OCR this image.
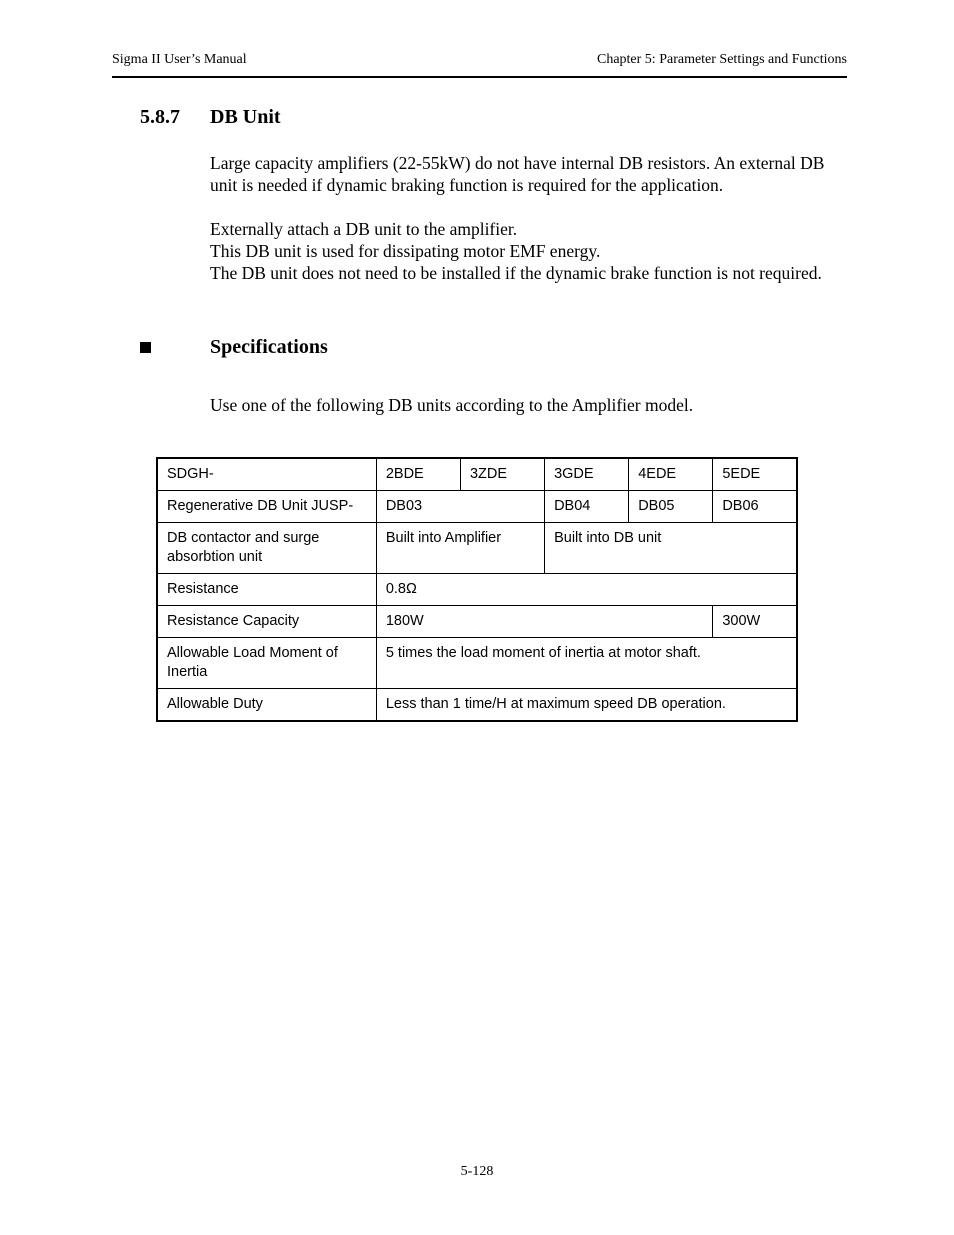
Sigma II User’s Manual	Chapter 5: Parameter Settings and Functions
5.8.7 DB Unit
Large capacity amplifiers (22-55kW) do not have internal DB resistors. An external DB unit is needed if dynamic braking function is required for the application.
Externally attach a DB unit to the amplifier.
This DB unit is used for dissipating motor EMF energy.
The DB unit does not need to be installed if the dynamic brake function is not required.
Specifications
Use one of the following DB units according to the Amplifier model.
SDGH-	2BDE	3ZDE	3GDE	4EDE	5EDE
Regenerative DB Unit JUSP-	DB03		DB04	DB05	DB06
DB contactor and surge absorbtion unit	Built into Amplifier		Built into DB unit		
Resistance	0.8Ω				
Resistance Capacity	180W				300W
Allowable Load Moment of Inertia	5 times the load moment of inertia at motor shaft.				
Allowable Duty	Less than 1 time/H at maximum speed DB operation.				
5-128
